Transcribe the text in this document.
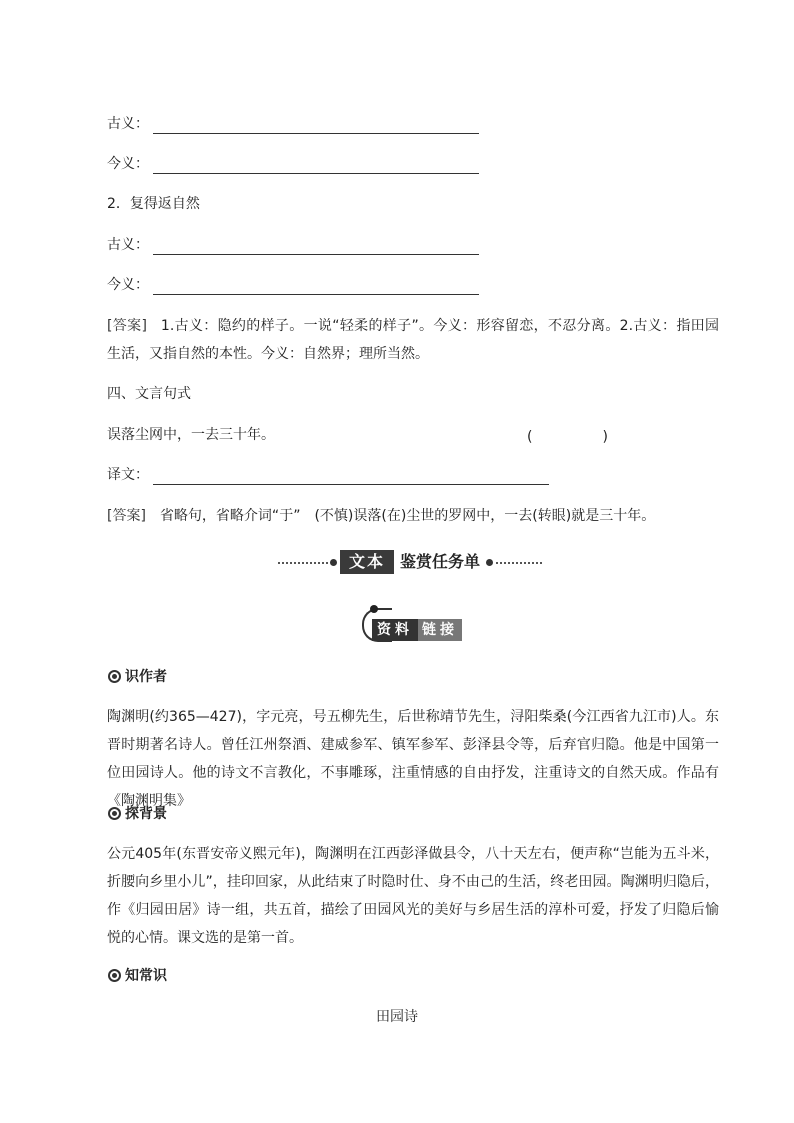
古义：
今义：
2．复得返自然
古义：
今义：
[答案] 1.古义：隐约的样子。一说“轻柔的样子”。今义：形容留恋，不忍分离。2.古义：指田园生活，又指自然的本性。今义：自然界；理所当然。
四、文言句式
误落尘网中，一去三十年。	(　　　　　)
译文：
[答案] 省略句，省略介词“于”　(不慎)误落(在)尘世的罗网中，一去(转眼)就是三十年。
文本 鉴赏任务单
资料 链接
识作者
陶渊明(约365—427)，字元亮，号五柳先生，后世称靖节先生，浔阳柴桑(今江西省九江市)人。东晋时期著名诗人。曾任江州祭酒、建威参军、镇军参军、彭泽县令等，后弃官归隐。他是中国第一位田园诗人。他的诗文不言教化，不事雕琢，注重情感的自由抒发，注重诗文的自然天成。作品有《陶渊明集》
探背景
公元405年(东晋安帝义熙元年)，陶渊明在江西彭泽做县令，八十天左右，便声称“岂能为五斗米，折腰向乡里小儿”，挂印回家，从此结束了时隐时仕、身不由己的生活，终老田园。陶渊明归隐后，作《归园田居》诗一组，共五首，描绘了田园风光的美好与乡居生活的淳朴可爱，抒发了归隐后愉悦的心情。课文选的是第一首。
知常识
田园诗
